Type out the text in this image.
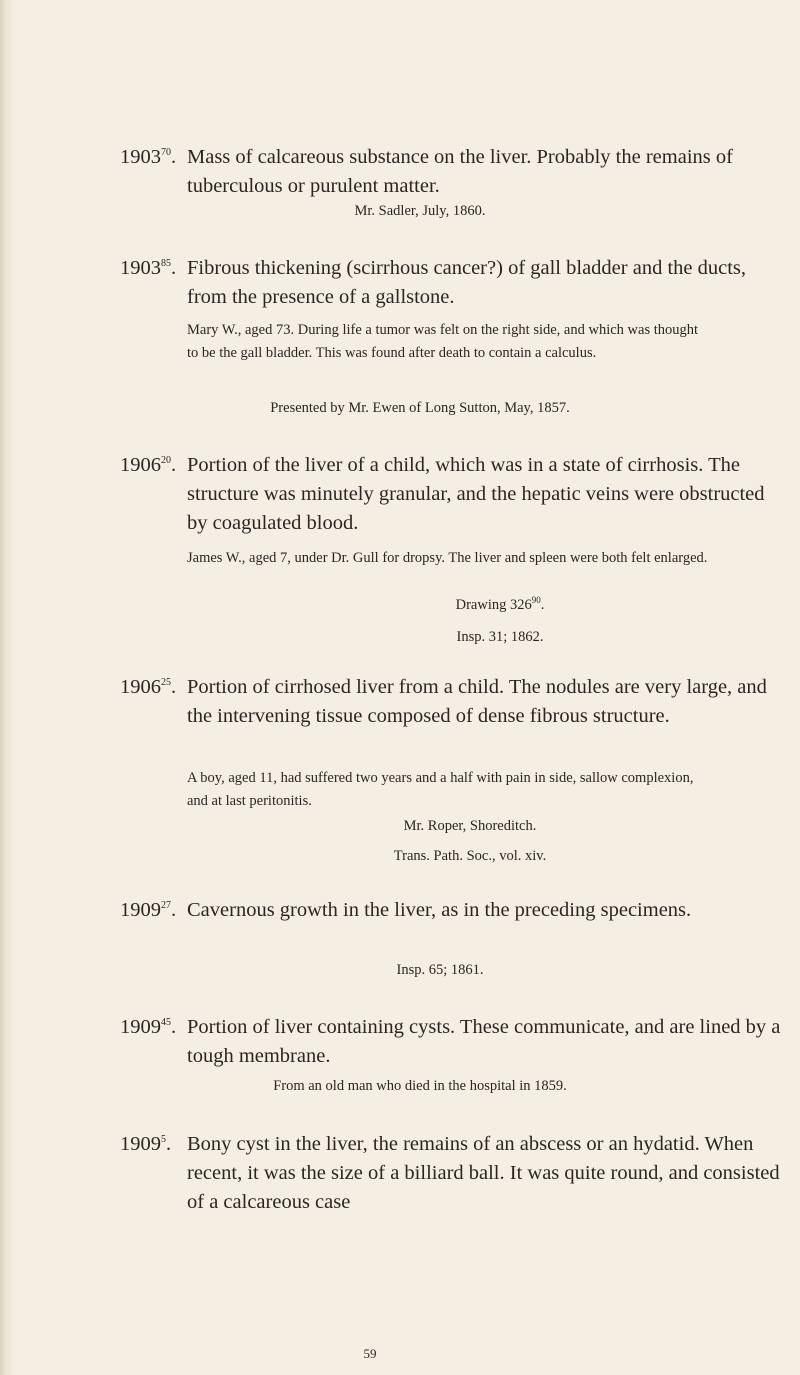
1903$^{70}$. Mass of calcareous substance on the liver. Probably the remains of tuberculous or purulent matter.
Mr. Sadler, July, 1860.
1903$^{85}$. Fibrous thickening (scirrhous cancer?) of gall bladder and the ducts, from the presence of a gallstone.
Mary W., aged 73. During life a tumor was felt on the right side, and which was thought to be the gall bladder. This was found after death to contain a calculus.
Presented by Mr. Ewen of Long Sutton, May, 1857.
1906$^{20}$. Portion of the liver of a child, which was in a state of cirrhosis. The structure was minutely granular, and the hepatic veins were obstructed by coagulated blood.
James W., aged 7, under Dr. Gull for dropsy. The liver and spleen were both felt enlarged.
Drawing $326^{90}$.
Insp. 31; 1862.
1906$^{25}$. Portion of cirrhosed liver from a child. The nodules are very large, and the intervening tissue composed of dense fibrous structure.
A boy, aged 11, had suffered two years and a half with pain in side, sallow complexion, and at last peritonitis.
Mr. Roper, Shoreditch.
Trans. Path. Soc., vol. xiv.
1909$^{27}$. Cavernous growth in the liver, as in the preceding specimens.
Insp. 65; 1861.
1909$^{45}$. Portion of liver containing cysts. These communicate, and are lined by a tough membrane.
From an old man who died in the hospital in 1859.
1909$^5$. Bony cyst in the liver, the remains of an abscess or an hydatid. When recent, it was the size of a billiard ball. It was quite round, and consisted of a calcareous case
59
